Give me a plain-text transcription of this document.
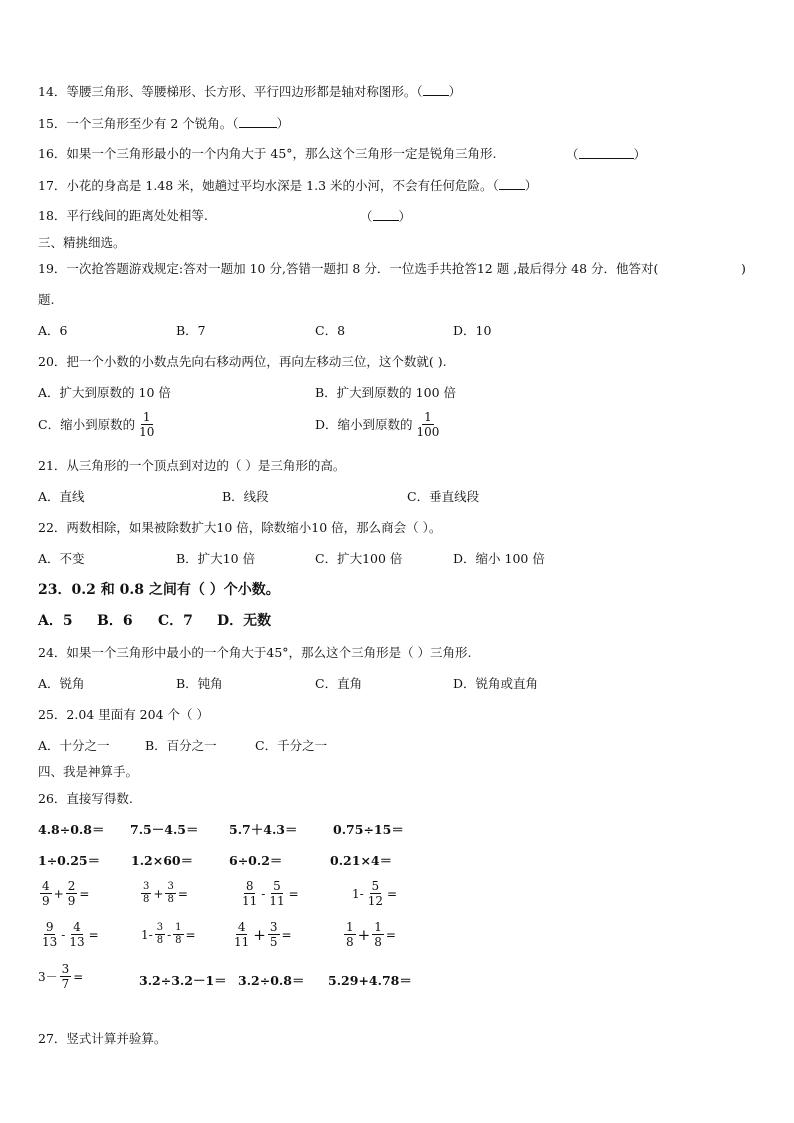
14．等腰三角形、等腰梯形、长方形、平行四边形都是轴对称图形。（ ）
15．一个三角形至少有 2 个锐角。（	）
16．如果一个三角形最小的一个内角大于 45°，那么这个三角形一定是锐角三角形.	（	）
17．小花的身高是 1.48 米，她趟过平均水深是 1.3 米的小河，不会有任何危险。（ ）
18．平行线间的距离处处相等.	（ ）
三、精挑细选。
19．一次抢答题游戏规定:答对一题加 10 分,答错一题扣 8 分．一位选手共抢答12 题 ,最后得分 48 分．他答对(	)
题.
A．6	B．7	C．8	D．10
20．把一个小数的小数点先向右移动两位，再向左移动三位，这个数就( ).
A．扩大到原数的 10 倍	B．扩大到原数的 100 倍
C．缩小到原数的 $\frac{1}{10}$	D．缩小到原数的 $\frac{1}{100}$
21．从三角形的一个顶点到对边的（ ）是三角形的高。
A．直线	B．线段	C．垂直线段
22．两数相除，如果被除数扩大10 倍，除数缩小10 倍，那么商会（ ）。
A．不变	B．扩大10 倍	C．扩大100 倍	D．缩小 100 倍
23．0.2 和 0.8 之间有（ ）个小数。
A．5 B．6 C．7 D．无数
24．如果一个三角形中最小的一个角大于45°，那么这个三角形是（ ）三角形.
A．锐角	B．钝角	C．直角	D．锐角或直角
25．2.04 里面有 204 个（ ）
A．十分之一	B．百分之一	C．千分之一
四、我是神算手。
26．直接写得数.
4.8÷0.8＝ 7.5－4.5＝ 5.7＋4.3＝	0.75÷15＝
1÷0.25＝ 1.2×60＝	6÷0.2＝	0.21×4＝
$\frac{4}{9} + \frac{2}{9}$ =	$\frac{3}{8} + \frac{3}{8}$ =	$\frac{8}{11} - \frac{5}{11}$ =	$1- \frac{5}{12}$ =
$\frac{9}{13} - \frac{4}{13}$ =	$1- \frac{3}{8} - \frac{1}{8}$ =	$\frac{4}{11} + \frac{3}{5}$ =	$\frac{1}{8} + \frac{1}{8}$ =
$3- \frac{3}{7}$ =	3.2÷3.2－1＝ 3.2÷0.8＝ 5.29+4.78＝
27．竖式计算并验算。
